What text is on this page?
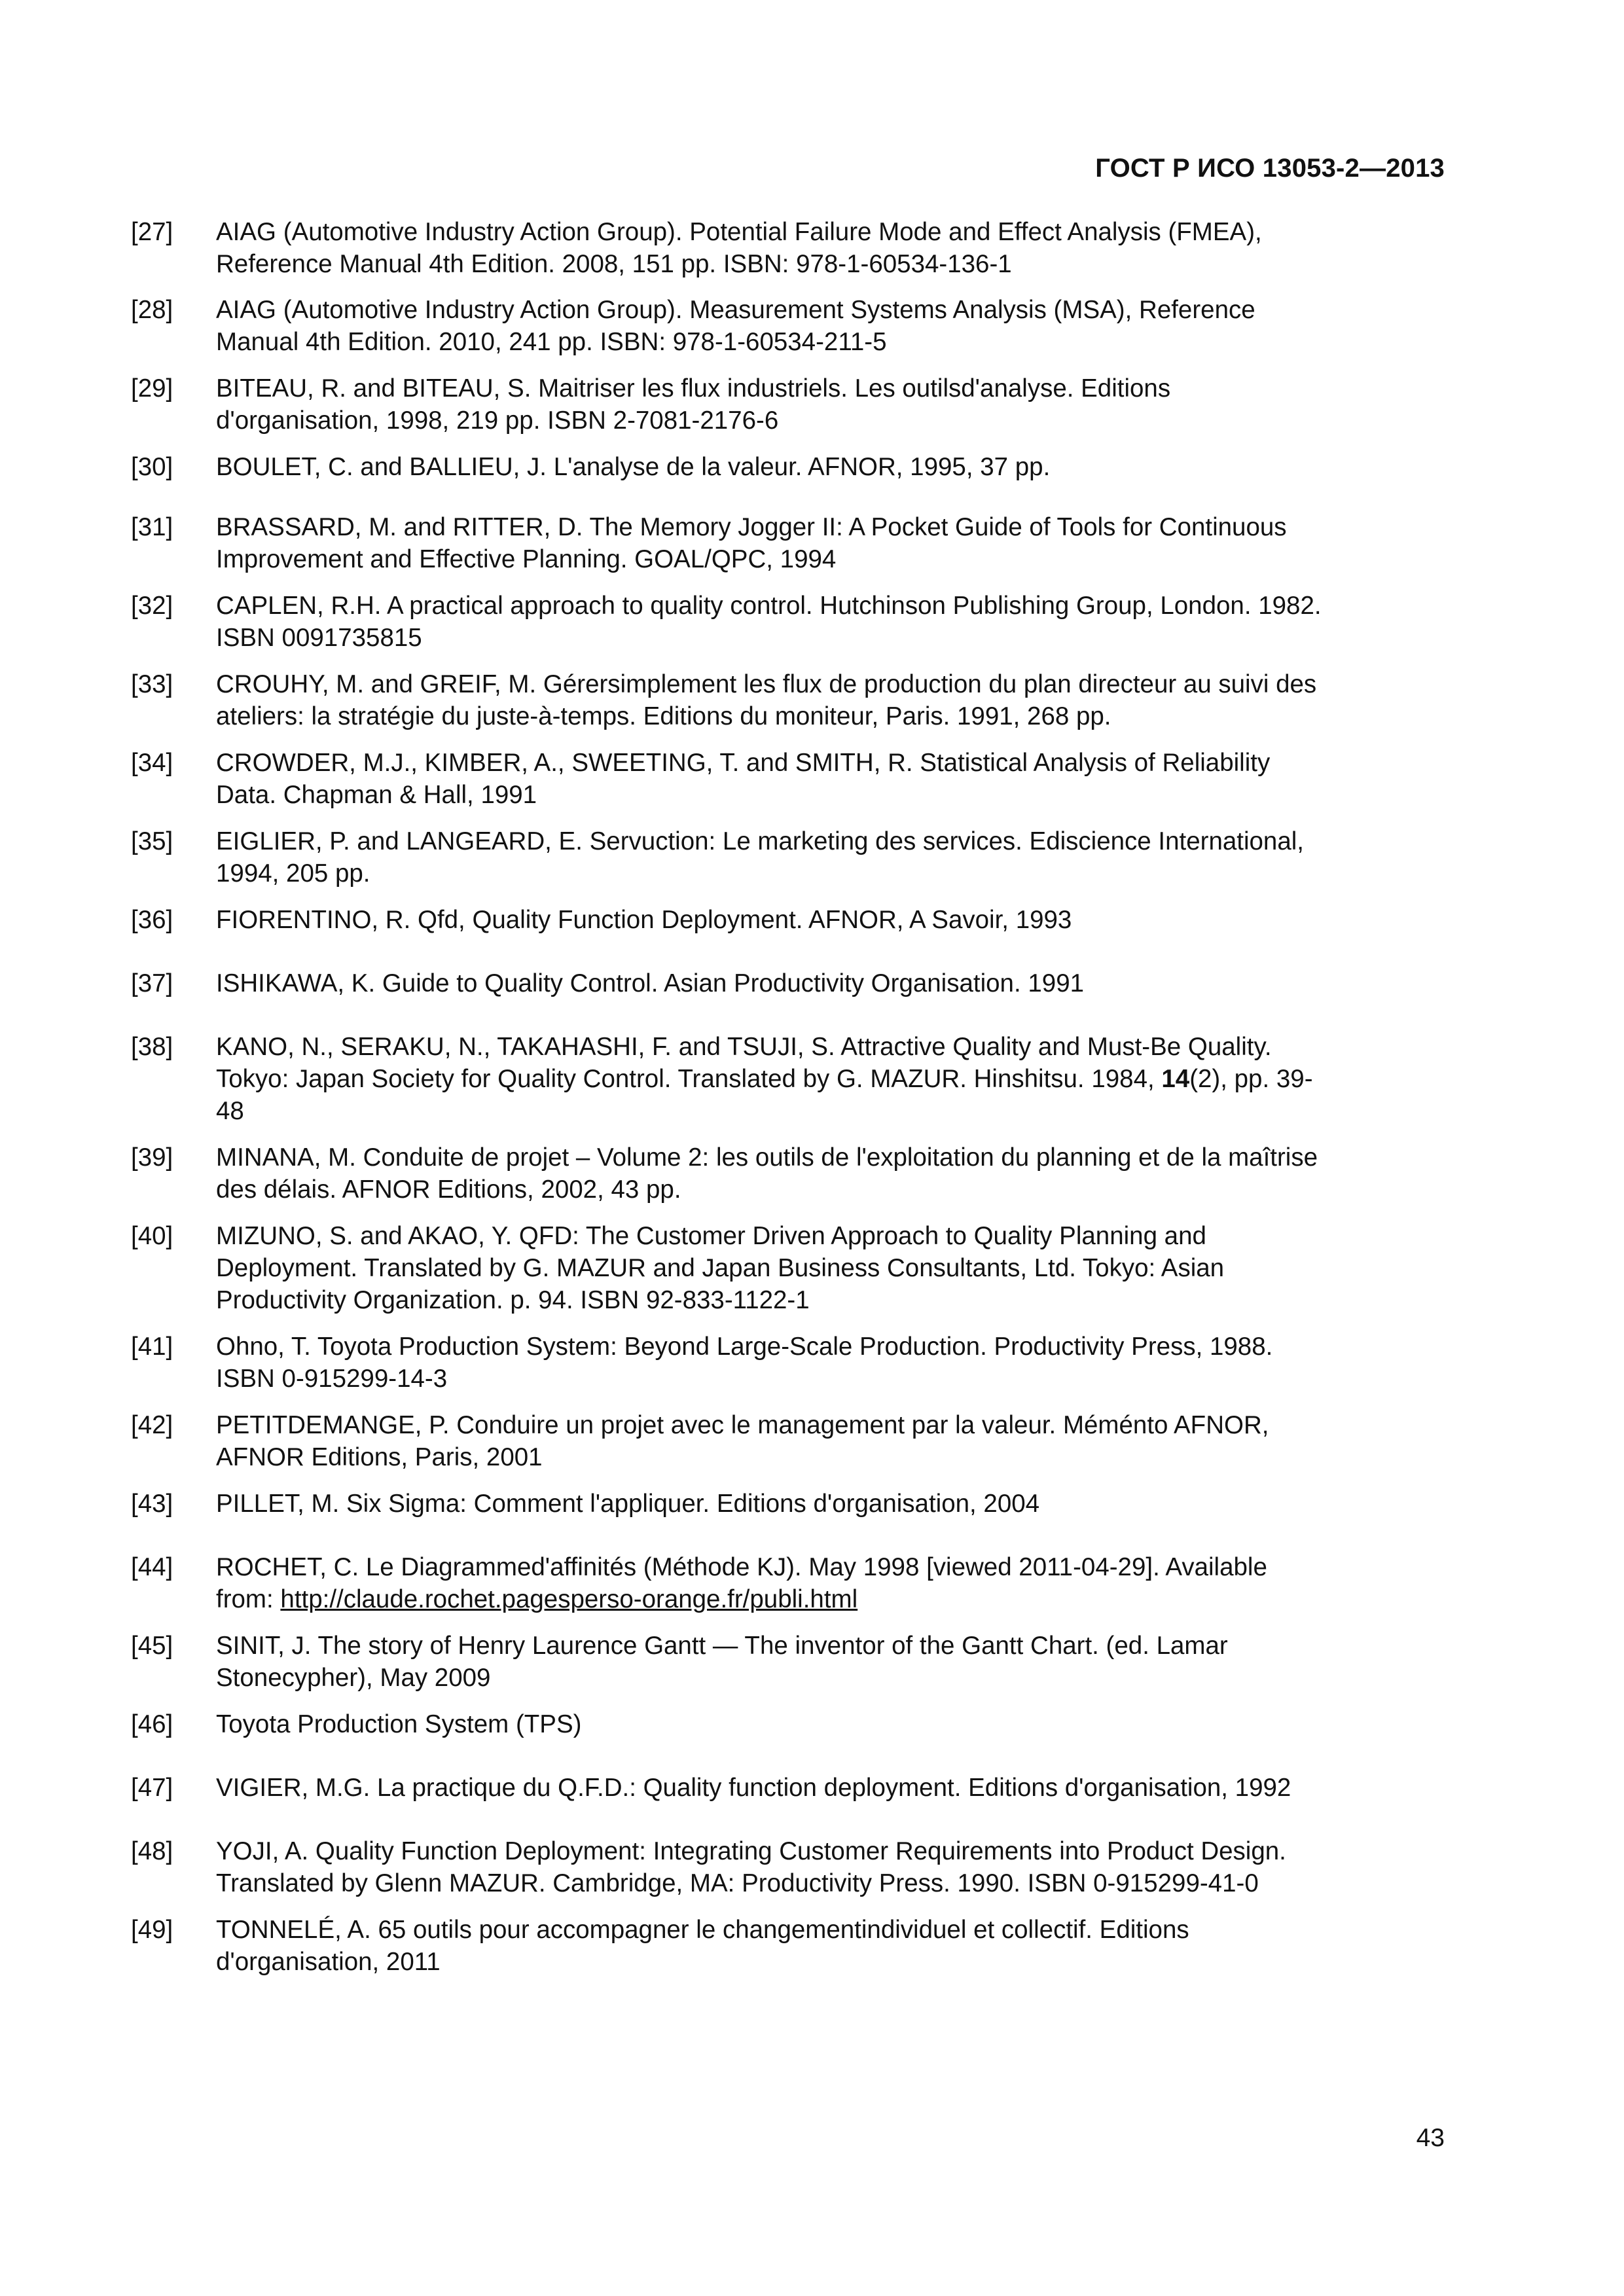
ГОСТ Р ИСО 13053-2—2013
[27]	AIAG (Automotive Industry Action Group). Potential Failure Mode and Effect Analysis (FMEA),
Reference Manual 4th Edition. 2008, 151 pp. ISBN: 978-1-60534-136-1
[28]	AIAG (Automotive Industry Action Group). Measurement Systems Analysis (MSA), Reference
Manual 4th Edition. 2010, 241 pp. ISBN: 978-1-60534-211-5
[29]	BITEAU, R. and BITEAU, S. Maitriser les flux industriels. Les outilsd'analyse. Editions
d'organisation, 1998, 219 pp. ISBN 2-7081-2176-6
[30]	BOULET, C. and BALLIEU, J. L'analyse de la valeur. AFNOR, 1995, 37 pp.
[31]	BRASSARD, M. and RITTER, D. The Memory Jogger II: A Pocket Guide of Tools for Continuous
Improvement and Effective Planning. GOAL/QPC, 1994
[32]	CAPLEN, R.H. A practical approach to quality control. Hutchinson Publishing Group, London. 1982.
ISBN 0091735815
[33]	CROUHY, M. and GREIF, M. Gérersimplement les flux de production du plan directeur au suivi des
ateliers: la stratégie du juste-à-temps. Editions du moniteur, Paris. 1991, 268 pp.
[34]	CROWDER, M.J., KIMBER, A., SWEETING, T. and SMITH, R. Statistical Analysis of Reliability
Data. Chapman & Hall, 1991
[35]	EIGLIER, P. and LANGEARD, E. Servuction: Le marketing des services. Ediscience International,
1994, 205 pp.
[36]	FIORENTINO, R. Qfd, Quality Function Deployment. AFNOR, A Savoir, 1993
[37]	ISHIKAWA, K. Guide to Quality Control. Asian Productivity Organisation. 1991
[38]	KANO, N., SERAKU, N., TAKAHASHI, F. and TSUJI, S. Attractive Quality and Must-Be Quality.
Tokyo: Japan Society for Quality Control. Translated by G. MAZUR. Hinshitsu. 1984, 14(2), pp. 39-
48
[39]	MINANA, M. Conduite de projet – Volume 2: les outils de l'exploitation du planning et de la maîtrise
des délais. AFNOR Editions, 2002, 43 pp.
[40]	MIZUNO, S. and AKAO, Y. QFD: The Customer Driven Approach to Quality Planning and
Deployment. Translated by G. MAZUR and Japan Business Consultants, Ltd. Tokyo: Asian
Productivity Organization. p. 94. ISBN 92-833-1122-1
[41]	Ohno, T. Toyota Production System: Beyond Large-Scale Production. Productivity Press, 1988.
ISBN 0-915299-14-3
[42]	PETITDEMANGE, P. Conduire un projet avec le management par la valeur. Méménto AFNOR,
AFNOR Editions, Paris, 2001
[43]	PILLET, M. Six Sigma: Comment l'appliquer. Editions d'organisation, 2004
[44]	ROCHET, C. Le Diagrammed'affinités (Méthode KJ). May 1998 [viewed 2011-04-29]. Available
from: http://claude.rochet.pagesperso-orange.fr/publi.html
[45]	SINIT, J. The story of Henry Laurence Gantt — The inventor of the Gantt Chart. (ed. Lamar
Stonecypher), May 2009
[46]	Toyota Production System (TPS)
[47]	VIGIER, M.G. La practique du Q.F.D.: Quality function deployment. Editions d'organisation, 1992
[48]	YOJI, A. Quality Function Deployment: Integrating Customer Requirements into Product Design.
Translated by Glenn MAZUR. Cambridge, MA: Productivity Press. 1990. ISBN 0-915299-41-0
[49]	TONNELÉ, A. 65 outils pour accompagner le changementindividuel et collectif. Editions
d'organisation, 2011
43
